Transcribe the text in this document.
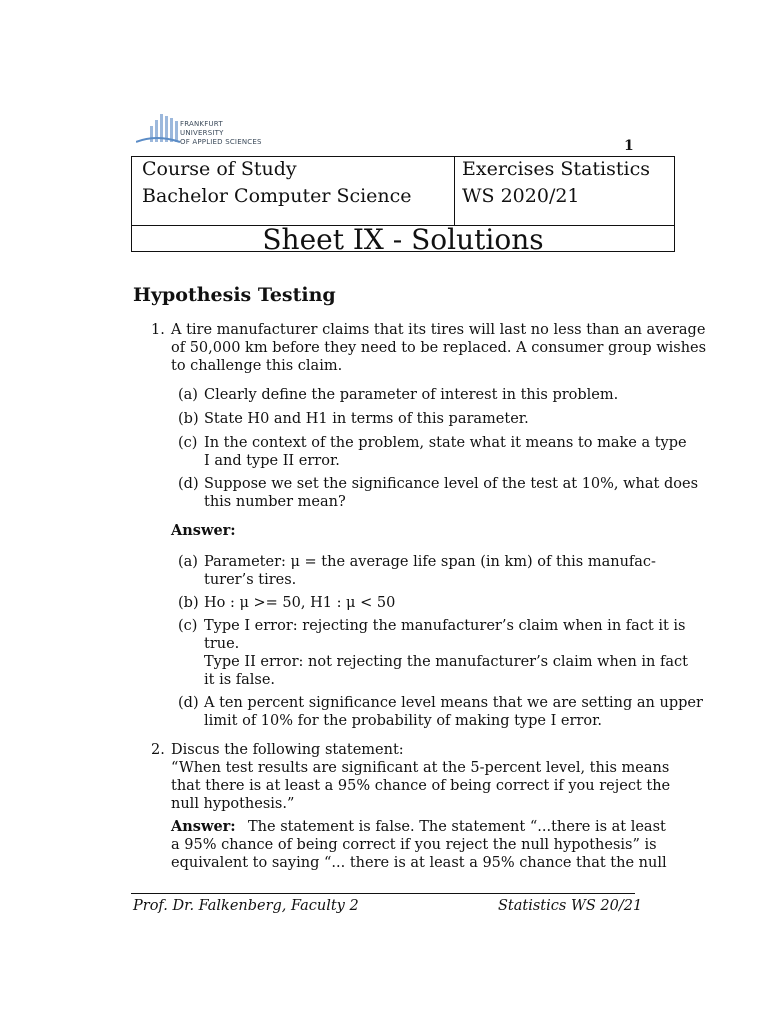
FRANKFURT
UNIVERSITY
OF APPLIED SCIENCES	1
Course of Study
Bachelor Computer Science
Exercises Statistics
WS 2020/21
Sheet IX - Solutions
Hypothesis Testing
1. A tire manufacturer claims that its tires will last no less than an average
of 50,000 km before they need to be replaced. A consumer group wishes
to challenge this claim.
(a) Clearly define the parameter of interest in this problem.
(b) State H0 and H1 in terms of this parameter.
(c) In the context of the problem, state what it means to make a type
I and type II error.
(d) Suppose we set the significance level of the test at 10%, what does
this number mean?
Answer:
(a) Parameter: μ = the average life span (in km) of this manufac-
turer’s tires.
(b) Ho : μ >= 50, H1 : μ < 50
(c) Type I error: rejecting the manufacturer’s claim when in fact it is
true.
Type II error: not rejecting the manufacturer’s claim when in fact
it is false.
(d) A ten percent significance level means that we are setting an upper
limit of 10% for the probability of making type I error.
2. Discus the following statement:
“When test results are significant at the 5-percent level, this means
that there is at least a 95% chance of being correct if you reject the
null hypothesis.”
Answer: The statement is false. The statement “...there is at least
a 95% chance of being correct if you reject the null hypothesis” is
equivalent to saying “... there is at least a 95% chance that the null
Prof. Dr. Falkenberg, Faculty 2	Statistics WS 20/21
